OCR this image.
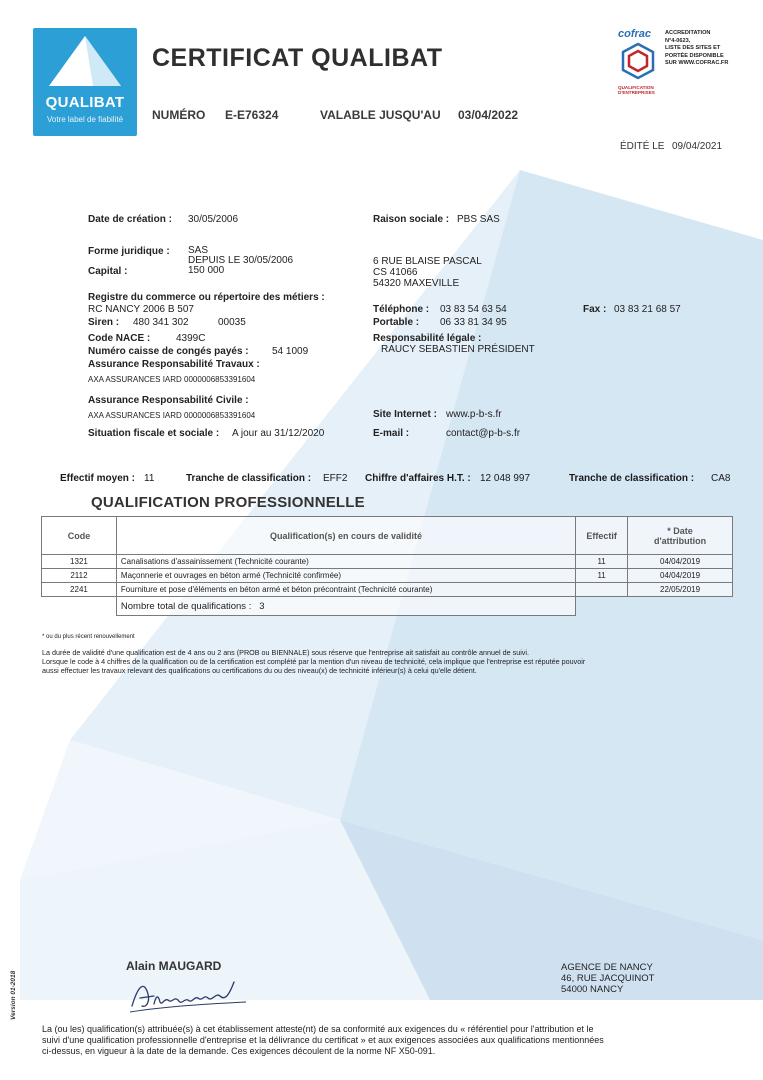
QUALIBAT
Votre label de fiabilité
CERTIFICAT QUALIBAT
NUMÉRO E-E76324	VALABLE JUSQU'AU 03/04/2022
ÉDITÉ LE 09/04/2021
cofrac
QUALIFICATION D'ENTREPRISES
ACCREDITATION
N°4-0623,
LISTE DES SITES ET
PORTÉE DISPONIBLE
SUR WWW.COFRAC.FR
Date de création : 30/05/2006
Forme juridique : SAS
DEPUIS LE 30/05/2006
Capital :	150 000
Registre du commerce ou répertoire des métiers :
RC NANCY 2006 B 507
Siren : 480 341 302	00035
Code NACE :	4399C
Numéro caisse de congés payés : 54 1009
Assurance Responsabilité Travaux :
AXA ASSURANCES IARD 0000006853391604
Assurance Responsabilité Civile :
AXA ASSURANCES IARD 0000006853391604
Situation fiscale et sociale : A jour au 31/12/2020
Raison sociale : PBS SAS
6 RUE BLAISE PASCAL
CS 41066
54320 MAXEVILLE
Téléphone : 03 83 54 63 54	Fax : 03 83 21 68 57
Portable : 06 33 81 34 95
Responsabilité légale :
RAUCY SEBASTIEN PRÉSIDENT
Site Internet : www.p-b-s.fr
E-mail :	contact@p-b-s.fr
Effectif moyen : 11	Tranche de classification : EFF2 Chiffre d'affaires H.T. : 12 048 997	Tranche de classification : CA8
QUALIFICATION PROFESSIONNELLE
Code	Qualification(s) en cours de validité	Effectif	* Date
d'attribution

1321	Canalisations d'assainissement (Technicité courante)	11	04/04/2019
2112	Maçonnerie et ouvrages en béton armé (Technicité confirmée)	11	04/04/2019
2241	Fourniture et pose d'éléments en béton armé et béton précontraint (Technicité courante)		22/05/2019
	Nombre total de qualifications : 3		
* ou du plus récent renouvellement
La durée de validité d'une qualification est de 4 ans ou 2 ans (PROB ou BIENNALE) sous réserve que l'entreprise ait satisfait au contrôle annuel de suivi.
Lorsque le code à 4 chiffres de la qualification ou de la certification est complété par la mention d'un niveau de technicité, cela implique que l'entreprise est réputée pouvoir
aussi effectuer les travaux relevant des qualifications ou certifications du ou des niveau(x) de technicité inférieur(s) à celui qu'elle détient.
Alain MAUGARD	AGENCE DE NANCY
46, RUE JACQUINOT
54000 NANCY
Version 01-2018
La (ou les) qualification(s) attribuée(s) à cet établissement atteste(nt) de sa conformité aux exigences du « référentiel pour l'attribution et le
suivi d'une qualification professionnelle d'entreprise et la délivrance du certificat » et aux exigences associées aux qualifications mentionnées
ci-dessus, en vigueur à la date de la demande. Ces exigences découlent de la norme NF X50-091.
